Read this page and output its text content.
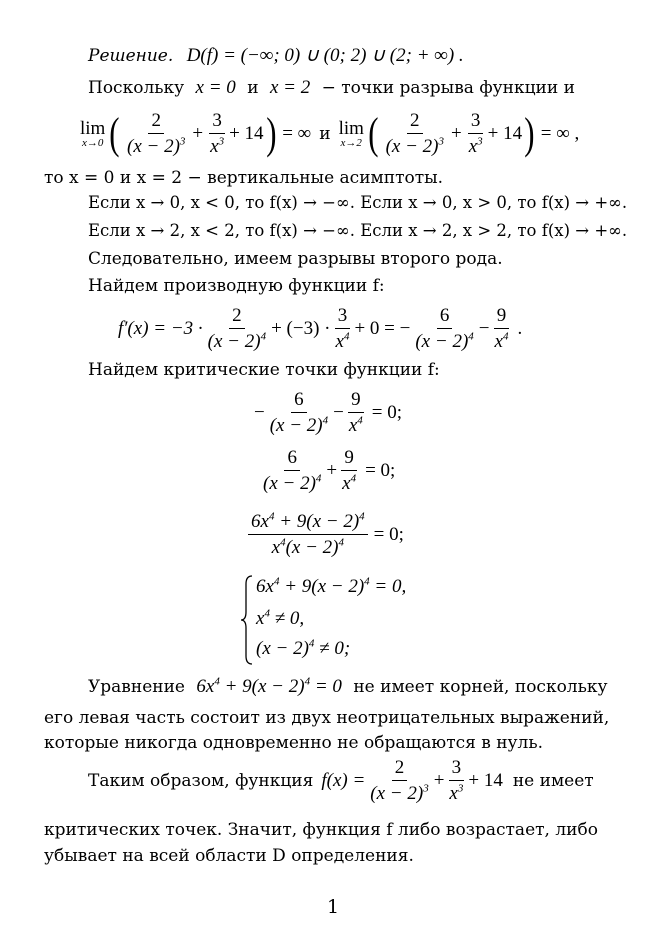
Решение. D(f) = (−∞; 0) ∪ (0; 2) ∪ (2; + ∞) .
Поскольку x = 0 и x = 2 − точки разрыва функции и
lim
x→0 ( $\frac{2}{(x - 2)^3} + \frac{3}{x^3} + 14$ ) = ∞ и lim
x→2 ( $\frac{2}{(x - 2)^3} + \frac{3}{x^3} + 14$ ) = ∞ ,
то x = 0 и x = 2 − вертикальные асимптоты.
Если x → 0, x < 0, то f(x) → −∞. Если x → 0, x > 0, то f(x) → +∞.
Если x → 2, x < 2, то f(x) → −∞. Если x → 2, x > 2, то f(x) → +∞.
Следовательно, имеем разрывы второго рода.
Найдем производную функции f:
$f'(x) = -3 \cdot \frac{2}{(x - 2)^4} + (-3) \cdot \frac{3}{x^4} + 0$ = − $\frac{6}{(x - 2)^4} - \frac{9}{x^4}$ .
Найдем критические точки функции f:
− $\frac{6}{(x - 2)^4} - \frac{9}{x^4} = 0$;
$\frac{6}{(x - 2)^4} + \frac{9}{x^4} = 0$;
$\frac{6x^4 + 9(x - 2)^4}{x^4(x - 2)^4} = 0$;
$6x^4 + 9(x - 2)^4 = 0$,
$x^4 \ne 0$,
$(x - 2)^4 \ne 0$;
Уравнение $6x^4 + 9(x - 2)^4 = 0$ не имеет корней, поскольку
его левая часть состоит из двух неотрицательных выражений,
которые никогда одновременно не обращаются в нуль.
Таким образом, функция $f(x) = \frac{2}{(x - 2)^3} + \frac{3}{x^3} + 14$ не имеет
критических точек. Значит, функция f либо возрастает, либо
убывает на всей области D определения.
1
